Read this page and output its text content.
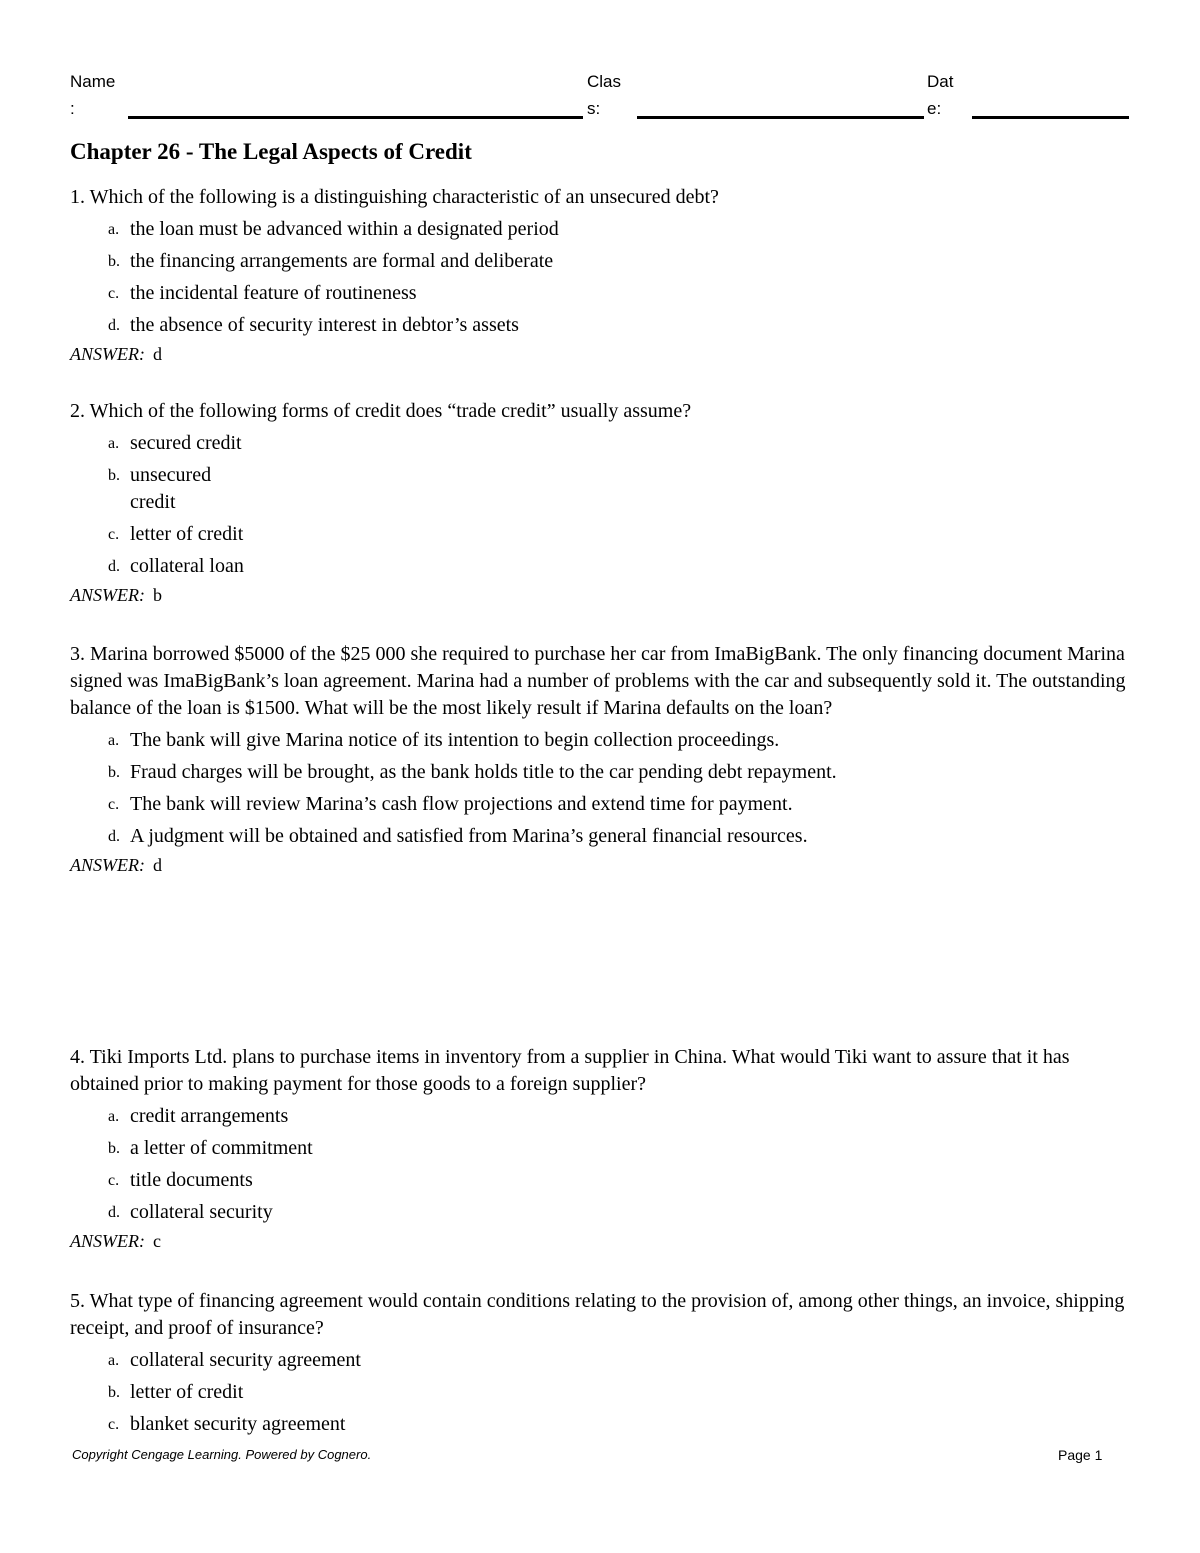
Name
:
Clas
s:
Dat
e:
Chapter 26 - The Legal Aspects of Credit
1. Which of the following is a distinguishing characteristic of an unsecured debt?
a. the loan must be advanced within a designated period
b. the financing arrangements are formal and deliberate
c. the incidental feature of routineness
d. the absence of security interest in debtor’s assets
ANSWER: d
2. Which of the following forms of credit does “trade credit” usually assume?
a. secured credit
b. unsecured credit
c. letter of credit
d. collateral loan
ANSWER: b
3. Marina borrowed $5000 of the $25 000 she required to purchase her car from ImaBigBank. The only financing document Marina signed was ImaBigBank’s loan agreement. Marina had a number of problems with the car and subsequently sold it. The outstanding balance of the loan is $1500. What will be the most likely result if Marina defaults on the loan?
a. The bank will give Marina notice of its intention to begin collection proceedings.
b. Fraud charges will be brought, as the bank holds title to the car pending debt repayment.
c. The bank will review Marina’s cash flow projections and extend time for payment.
d. A judgment will be obtained and satisfied from Marina’s general financial resources.
ANSWER: d
4. Tiki Imports Ltd. plans to purchase items in inventory from a supplier in China. What would Tiki want to assure that it has obtained prior to making payment for those goods to a foreign supplier?
a. credit arrangements
b. a letter of commitment
c. title documents
d. collateral security
ANSWER: c
5. What type of financing agreement would contain conditions relating to the provision of, among other things, an invoice, shipping receipt, and proof of insurance?
a. collateral security agreement
b. letter of credit
c. blanket security agreement
Copyright Cengage Learning. Powered by Cognero.	Page 1
